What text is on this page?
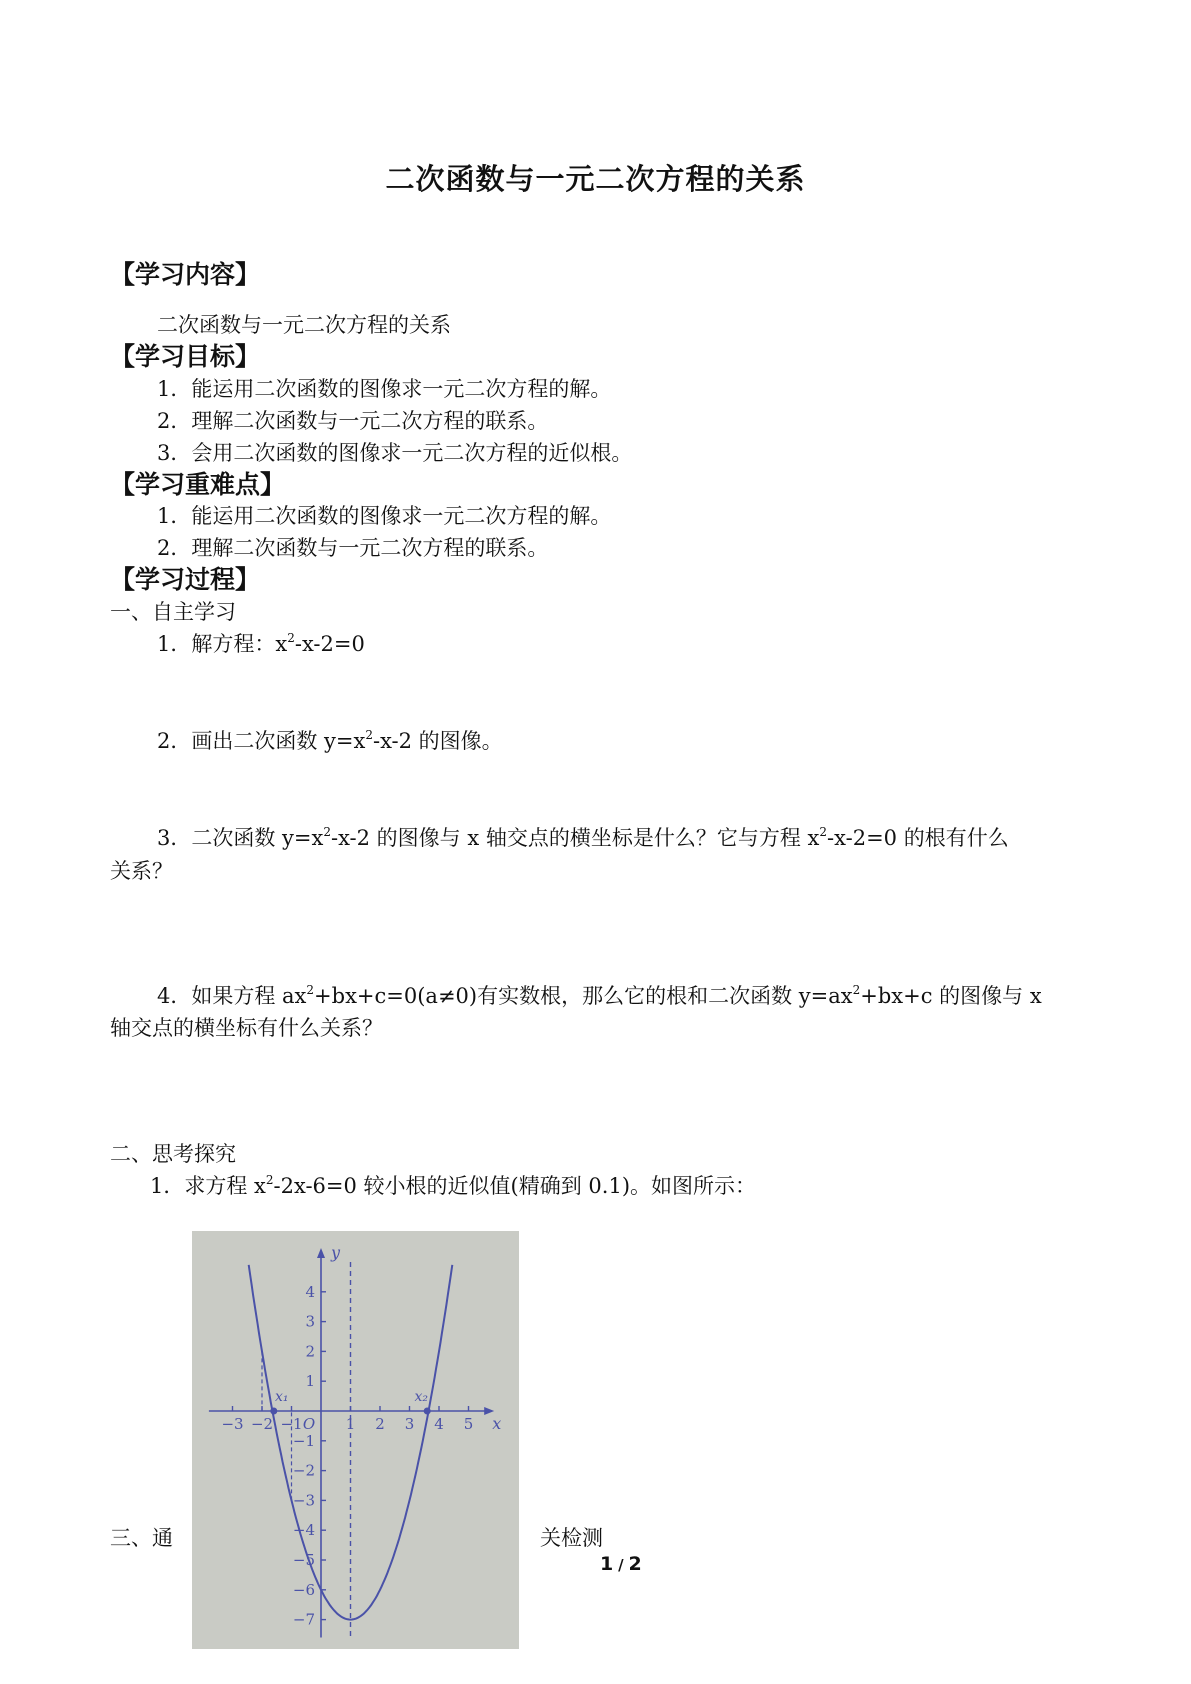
二次函数与一元二次方程的关系
【学习内容】
二次函数与一元二次方程的关系
【学习目标】
1．能运用二次函数的图像求一元二次方程的解。
2．理解二次函数与一元二次方程的联系。
3．会用二次函数的图像求一元二次方程的近似根。
【学习重难点】
1．能运用二次函数的图像求一元二次方程的解。
2．理解二次函数与一元二次方程的联系。
【学习过程】
一、自主学习
1．解方程：$x^2-x-2=0$
2．画出二次函数 $y=x^2-x-2$ 的图像。
3．二次函数 $y=x^2-x-2$ 的图像与 x 轴交点的横坐标是什么？它与方程 $x^2-x-2=0$ 的根有什么
关系？
4．如果方程 $ax^2+bx+c=0(a\ne 0)$有实数根，那么它的根和二次函数 $y=ax^2+bx+c$ 的图像与 x
轴交点的横坐标有什么关系？
二、思考探究
1．求方程 $x^2-2x-6=0$ 较小根的近似值(精确到 0.1)。如图所示：
三、通	关检测
1 / 2
x
y
O
−3 −2 −1	1 2 3 4 5
4
3
2
1
−1
−2
−3
−4
−5
−6
−7
x₁	x₂
